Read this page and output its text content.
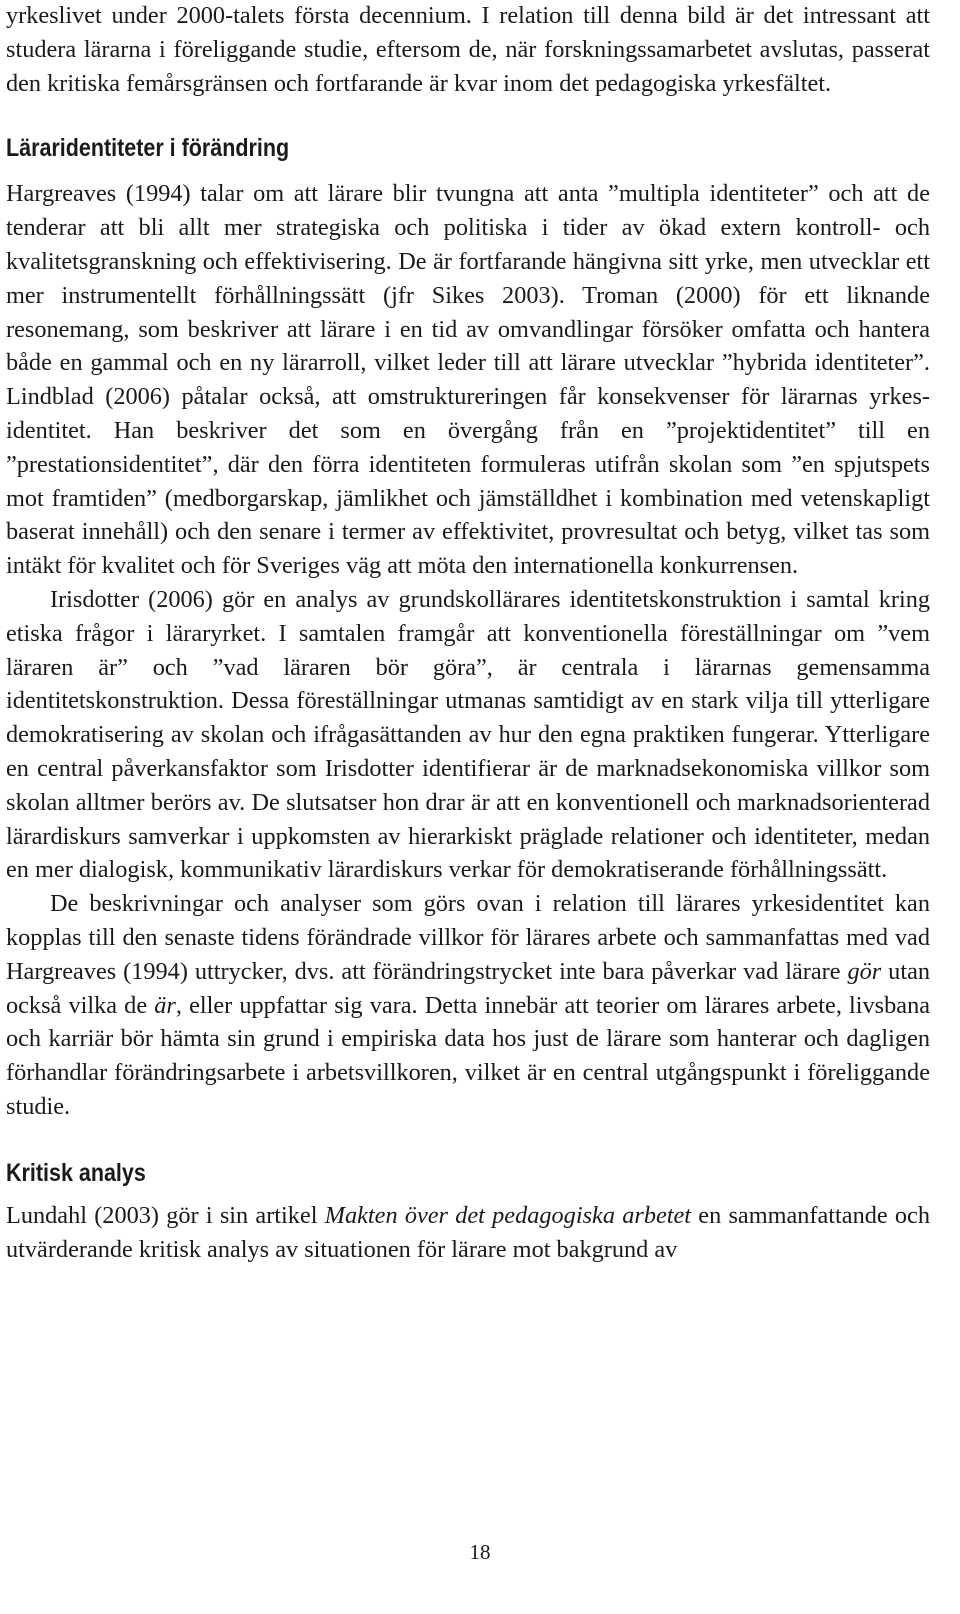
yrkeslivet under 2000-talets första decennium. I relation till denna bild är det intressant att studera lärarna i föreliggande studie, eftersom de, när forskningssamarbetet avslutas, passerat den kritiska femårsgränsen och fortfarande är kvar inom det pedagogiska yrkesfältet.

Läraridentiteter i förändring

Hargreaves (1994) talar om att lärare blir tvungna att anta ”multipla identiteter” och att de tenderar att bli allt mer strategiska och politiska i tider av ökad extern kontroll- och kvalitetsgranskning och effektivisering. De är fortfarande hängivna sitt yrke, men utvecklar ett mer instrumentellt förhållningssätt (jfr Sikes 2003). Troman (2000) för ett liknande resonemang, som beskriver att lärare i en tid av omvandlingar försöker omfatta och hantera både en gammal och en ny lärarroll, vilket leder till att lärare utvecklar ”hybrida identiteter”. Lindblad (2006) påtalar också, att omstruktureringen får konsekvenser för lärarnas yrkesidentitet. Han beskriver det som en övergång från en ”projektidentitet” till en ”prestationsidentitet”, där den förra identiteten formuleras utifrån skolan som ”en spjutspets mot framtiden” (medborgarskap, jämlikhet och jämställdhet i kombination med vetenskapligt baserat innehåll) och den senare i termer av effektivitet, provresultat och betyg, vilket tas som intäkt för kvalitet och för Sveriges väg att möta den internationella konkurrensen.

Irisdotter (2006) gör en analys av grundskollärares identitetskonstruktion i samtal kring etiska frågor i läraryrket. I samtalen framgår att konventionella föreställningar om ”vem läraren är” och ”vad läraren bör göra”, är centrala i lärarnas gemensamma identitetskonstruktion. Dessa föreställningar utmanas samtidigt av en stark vilja till ytterligare demokratisering av skolan och ifrågasättanden av hur den egna praktiken fungerar. Ytterligare en central påverkansfaktor som Irisdotter identifierar är de marknadsekonomiska villkor som skolan alltmer berörs av. De slutsatser hon drar är att en konventionell och marknadsorienterad lärardiskurs samverkar i uppkomsten av hierarkiskt präglade relationer och identiteter, medan en mer dialogisk, kommunikativ lärardiskurs verkar för demokratiserande förhållningssätt.

De beskrivningar och analyser som görs ovan i relation till lärares yrkesidentitet kan kopplas till den senaste tidens förändrade villkor för lärares arbete och sammanfattas med vad Hargreaves (1994) uttrycker, dvs. att förändringstrycket inte bara påverkar vad lärare gör utan också vilka de är, eller uppfattar sig vara. Detta innebär att teorier om lärares arbete, livsbana och karriär bör hämta sin grund i empiriska data hos just de lärare som hanterar och dagligen förhandlar förändringsarbete i arbetsvillkoren, vilket är en central utgångspunkt i föreliggande studie.

Kritisk analys

Lundahl (2003) gör i sin artikel Makten över det pedagogiska arbetet en sammanfattande och utvärderande kritisk analys av situationen för lärare mot bakgrund av

18
